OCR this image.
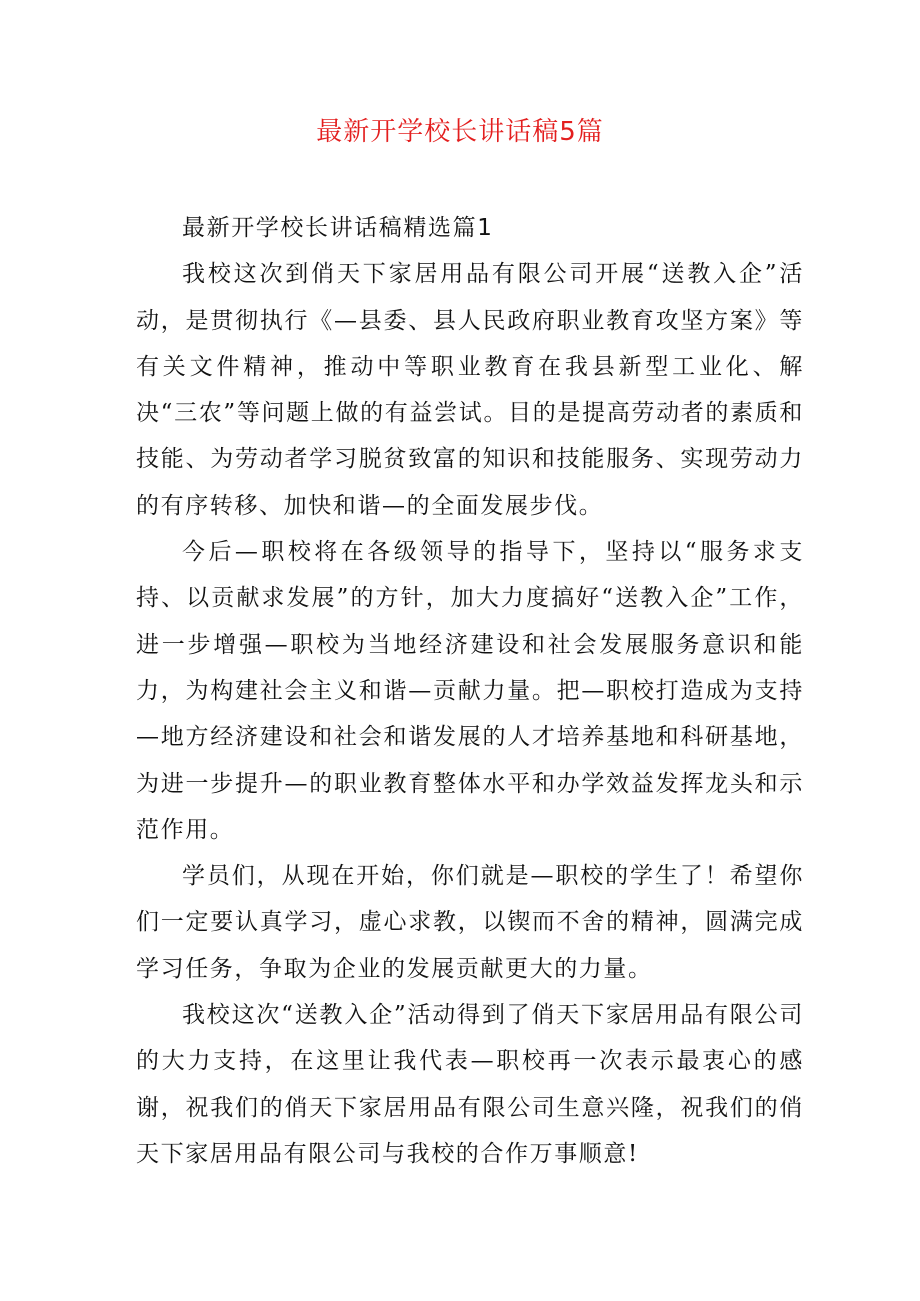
最新开学校长讲话稿5篇

最新开学校长讲话稿精选篇1

我校这次到俏天下家居用品有限公司开展“送教入企”活动，是贯彻执行《—县委、县人民政府职业教育攻坚方案》等有关文件精神，推动中等职业教育在我县新型工业化、解决“三农”等问题上做的有益尝试。目的是提高劳动者的素质和技能、为劳动者学习脱贫致富的知识和技能服务、实现劳动力的有序转移、加快和谐—的全面发展步伐。

今后—职校将在各级领导的指导下，坚持以“服务求支持、以贡献求发展”的方针，加大力度搞好“送教入企”工作，进一步增强—职校为当地经济建设和社会发展服务意识和能力，为构建社会主义和谐—贡献力量。把—职校打造成为支持—地方经济建设和社会和谐发展的人才培养基地和科研基地，为进一步提升—的职业教育整体水平和办学效益发挥龙头和示范作用。

学员们，从现在开始，你们就是—职校的学生了！希望你们一定要认真学习，虚心求教，以锲而不舍的精神，圆满完成学习任务，争取为企业的发展贡献更大的力量。

我校这次“送教入企”活动得到了俏天下家居用品有限公司的大力支持，在这里让我代表—职校再一次表示最衷心的感谢，祝我们的俏天下家居用品有限公司生意兴隆，祝我们的俏天下家居用品有限公司与我校的合作万事顺意!
